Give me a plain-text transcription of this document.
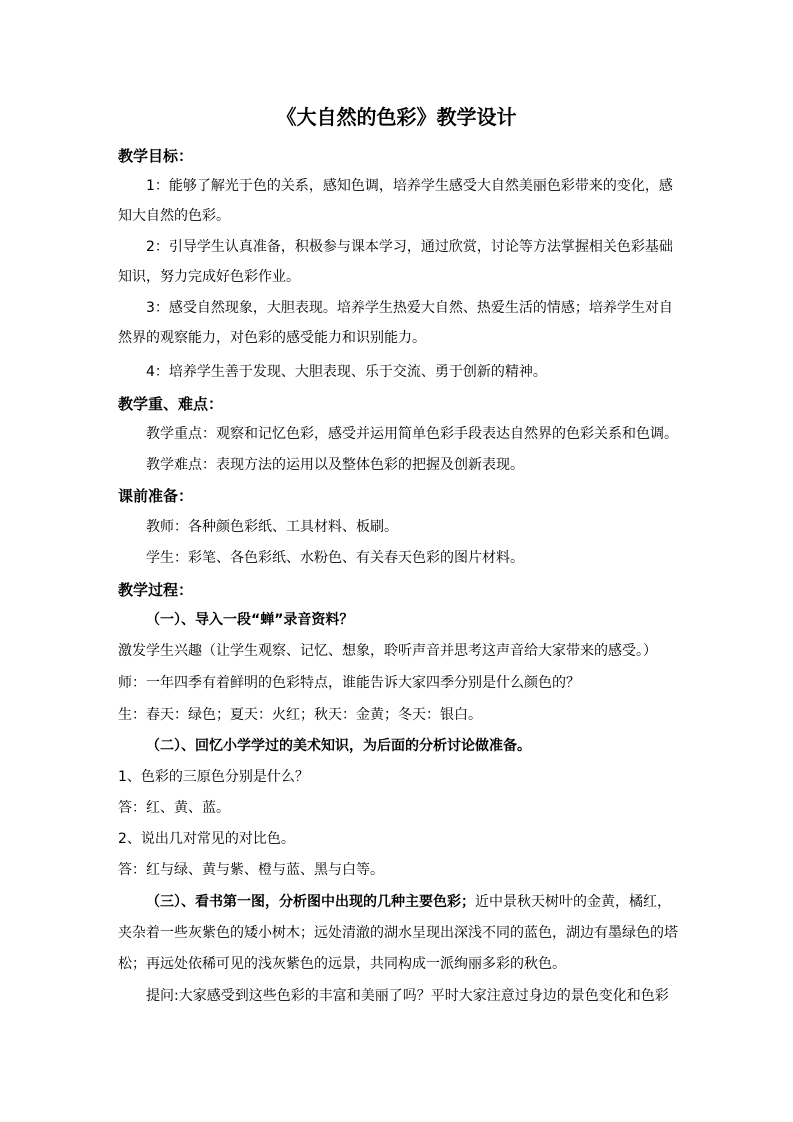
《大自然的色彩》教学设计
教学目标：
1：能够了解光于色的关系，感知色调，培养学生感受大自然美丽色彩带来的变化，感
知大自然的色彩。
2：引导学生认真准备，积极参与课本学习，通过欣赏，讨论等方法掌握相关色彩基础
知识，努力完成好色彩作业。
3：感受自然现象，大胆表现。培养学生热爱大自然、热爱生活的情感；培养学生对自
然界的观察能力，对色彩的感受能力和识别能力。
4：培养学生善于发现、大胆表现、乐于交流、勇于创新的精神。
教学重、难点：
教学重点：观察和记忆色彩，感受并运用简单色彩手段表达自然界的色彩关系和色调。
教学难点：表现方法的运用以及整体色彩的把握及创新表现。
课前准备：
教师：各种颜色彩纸、工具材料、板刷。
学生：彩笔、各色彩纸、水粉色、有关春天色彩的图片材料。
教学过程：
（一）、导入一段“蝉”录音资料？
激发学生兴趣（让学生观察、记忆、想象，聆听声音并思考这声音给大家带来的感受。）
师：一年四季有着鲜明的色彩特点，谁能告诉大家四季分别是什么颜色的？
生：春天：绿色；夏天：火红；秋天：金黄；冬天：银白。
（二）、回忆小学学过的美术知识，为后面的分析讨论做准备。
1、色彩的三原色分别是什么？
答：红、黄、蓝。
2、说出几对常见的对比色。
答：红与绿、黄与紫、橙与蓝、黑与白等。
（三）、看书第一图，分析图中出现的几种主要色彩；近中景秋天树叶的金黄，橘红，
夹杂着一些灰紫色的矮小树木；远处清澈的湖水呈现出深浅不同的蓝色，湖边有墨绿色的塔
松；再远处依稀可见的浅灰紫色的远景，共同构成一派绚丽多彩的秋色。
提问:大家感受到这些色彩的丰富和美丽了吗？平时大家注意过身边的景色变化和色彩
